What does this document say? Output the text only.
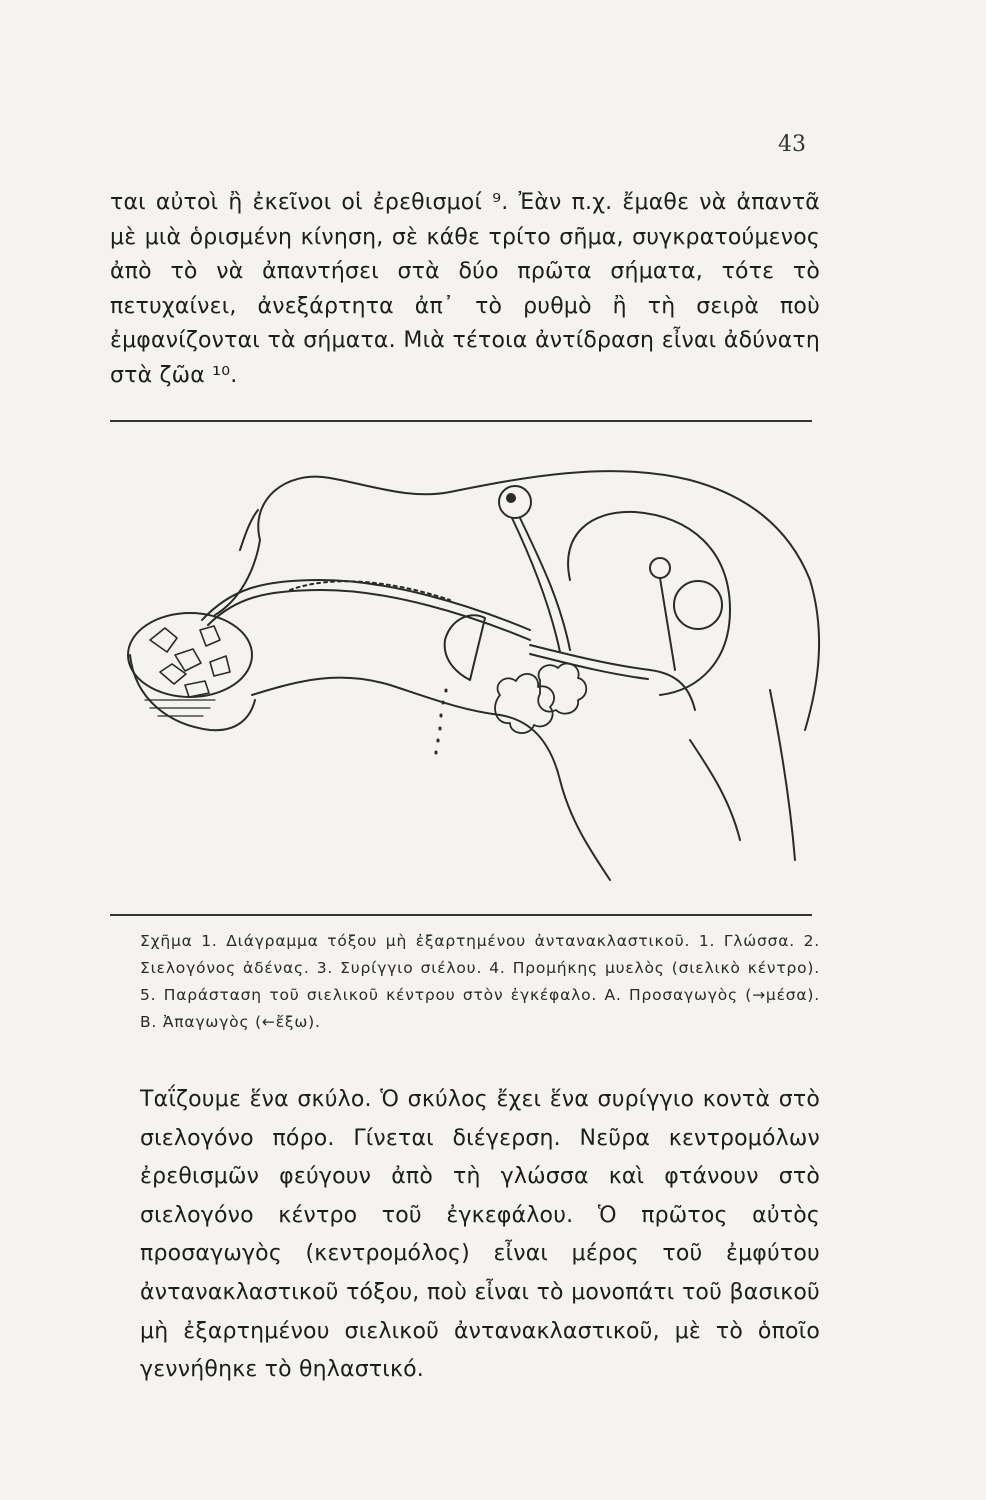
43

ται αὐτοὶ ἢ ἐκεῖνοι οἱ ἐρεθισμοί ⁹. Ἐὰν π.χ. ἔμαθε νὰ ἀπαντᾶ μὲ μιὰ ὁρισμένη κίνηση, σὲ κάθε τρίτο σῆμα, συγκρατούμενος ἀπὸ τὸ νὰ ἀπαντήσει στὰ δύο πρῶτα σήματα, τότε τὸ πετυχαίνει, ἀνεξάρτητα ἀπ᾽ τὸ ρυθμὸ ἢ τὴ σειρὰ ποὺ ἐμφανίζονται τὰ σήματα. Μιὰ τέτοια ἀντίδραση εἶναι ἀδύνατη στὰ ζῶα ¹⁰.

Σχῆμα 1. Διάγραμμα τόξου μὴ ἐξαρτημένου ἀντανακλαστικοῦ. 1. Γλώσσα. 2. Σιελογόνος ἀδένας. 3. Συρίγγιο σιέλου. 4. Προμήκης μυελὸς (σιελικὸ κέντρο). 5. Παράσταση τοῦ σιελικοῦ κέντρου στὸν ἐγκέφαλο. Α. Προσαγωγὸς (→μέσα). Β. Ἀπαγωγὸς (←ἔξω).

Ταΐζουμε ἕνα σκύλο. Ὁ σκύλος ἔχει ἕνα συρίγγιο κοντὰ στὸ σιελογόνο πόρο. Γίνεται διέγερση. Νεῦρα κεντρομόλων ἐρεθισμῶν φεύγουν ἀπὸ τὴ γλώσσα καὶ φτάνουν στὸ σιελογόνο κέντρο τοῦ ἐγκεφάλου. Ὁ πρῶτος αὐτὸς προσαγωγὸς (κεντρομόλος) εἶναι μέρος τοῦ ἐμφύτου ἀντανακλαστικοῦ τόξου, ποὺ εἶναι τὸ μονοπάτι τοῦ βασικοῦ μὴ ἐξαρτημένου σιελικοῦ ἀντανακλαστικοῦ, μὲ τὸ ὁποῖο γεννήθηκε τὸ θηλαστικό.
